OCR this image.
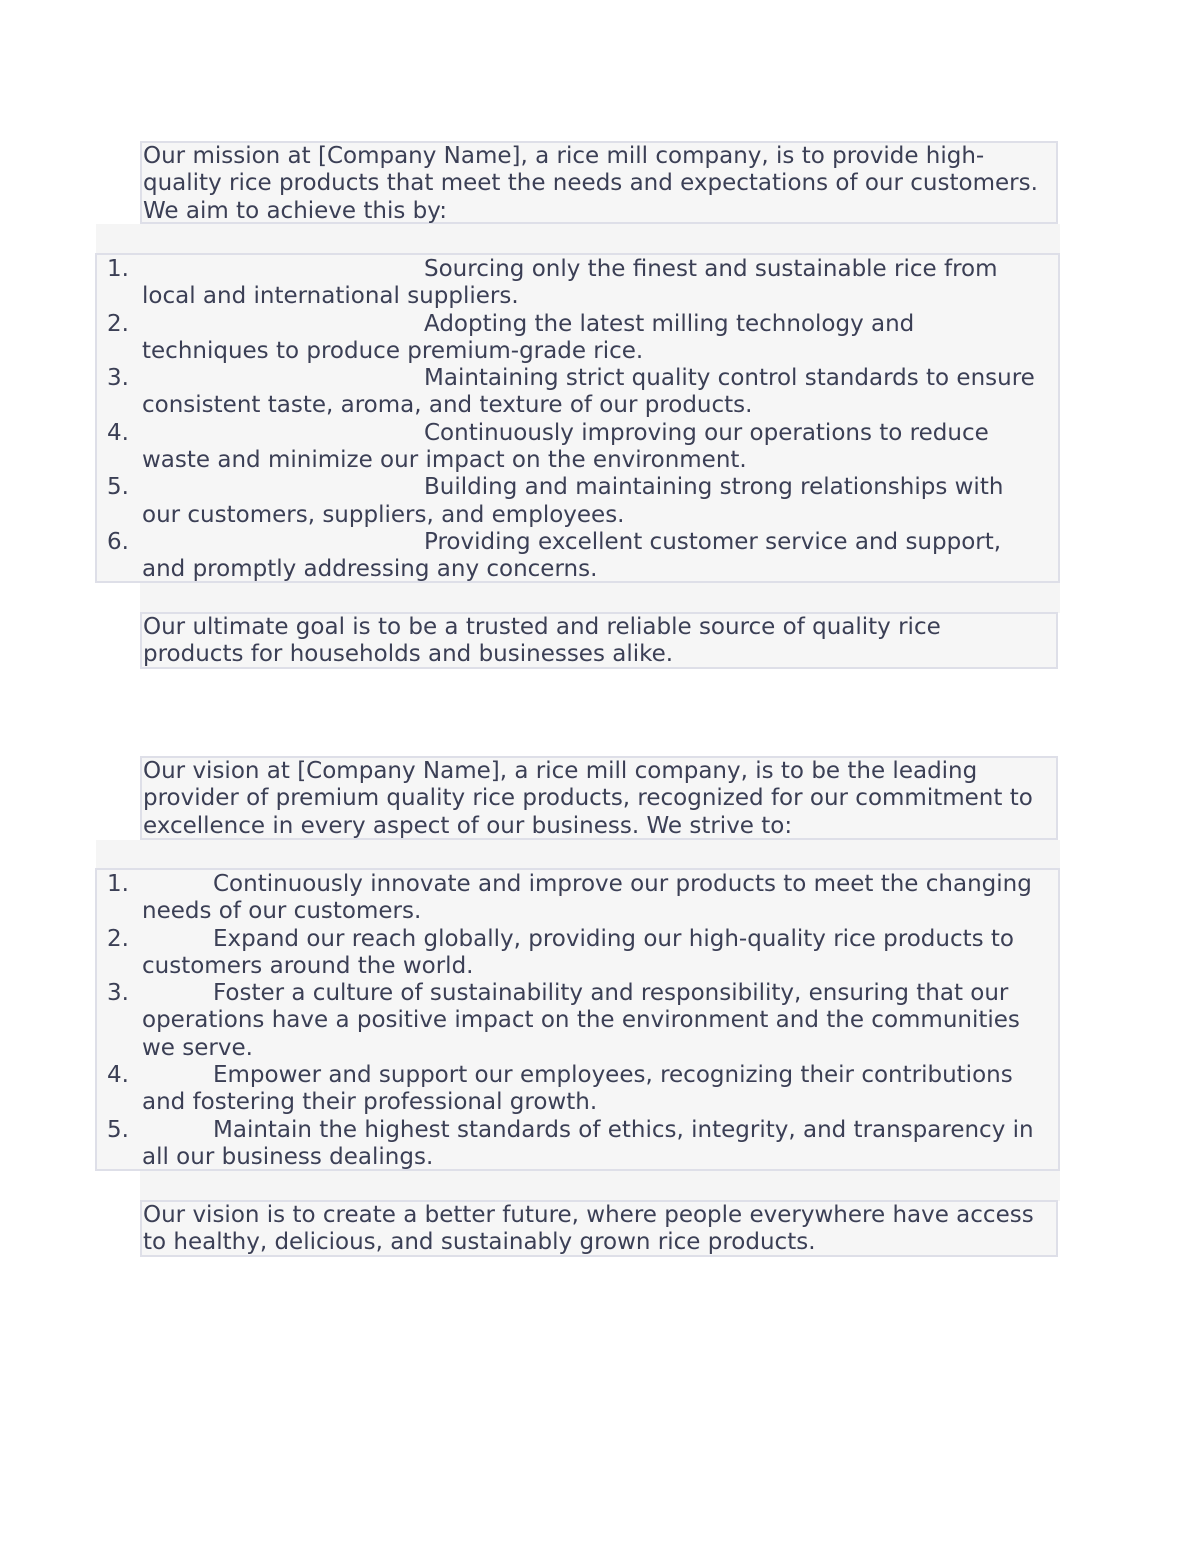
Our mission at [Company Name], a rice mill company, is to provide high-
quality rice products that meet the needs and expectations of our customers.
We aim to achieve this by:
1.	Sourcing only the finest and sustainable rice from
local and international suppliers.
2.	Adopting the latest milling technology and
techniques to produce premium-grade rice.
3.	Maintaining strict quality control standards to ensure
consistent taste, aroma, and texture of our products.
4.	Continuously improving our operations to reduce
waste and minimize our impact on the environment.
5.	Building and maintaining strong relationships with
our customers, suppliers, and employees.
6.	Providing excellent customer service and support,
and promptly addressing any concerns.
Our ultimate goal is to be a trusted and reliable source of quality rice
products for households and businesses alike.
Our vision at [Company Name], a rice mill company, is to be the leading
provider of premium quality rice products, recognized for our commitment to
excellence in every aspect of our business. We strive to:
1.	Continuously innovate and improve our products to meet the changing
needs of our customers.
2.	Expand our reach globally, providing our high-quality rice products to
customers around the world.
3.	Foster a culture of sustainability and responsibility, ensuring that our
operations have a positive impact on the environment and the communities
we serve.
4.	Empower and support our employees, recognizing their contributions
and fostering their professional growth.
5.	Maintain the highest standards of ethics, integrity, and transparency in
all our business dealings.
Our vision is to create a better future, where people everywhere have access
to healthy, delicious, and sustainably grown rice products.
